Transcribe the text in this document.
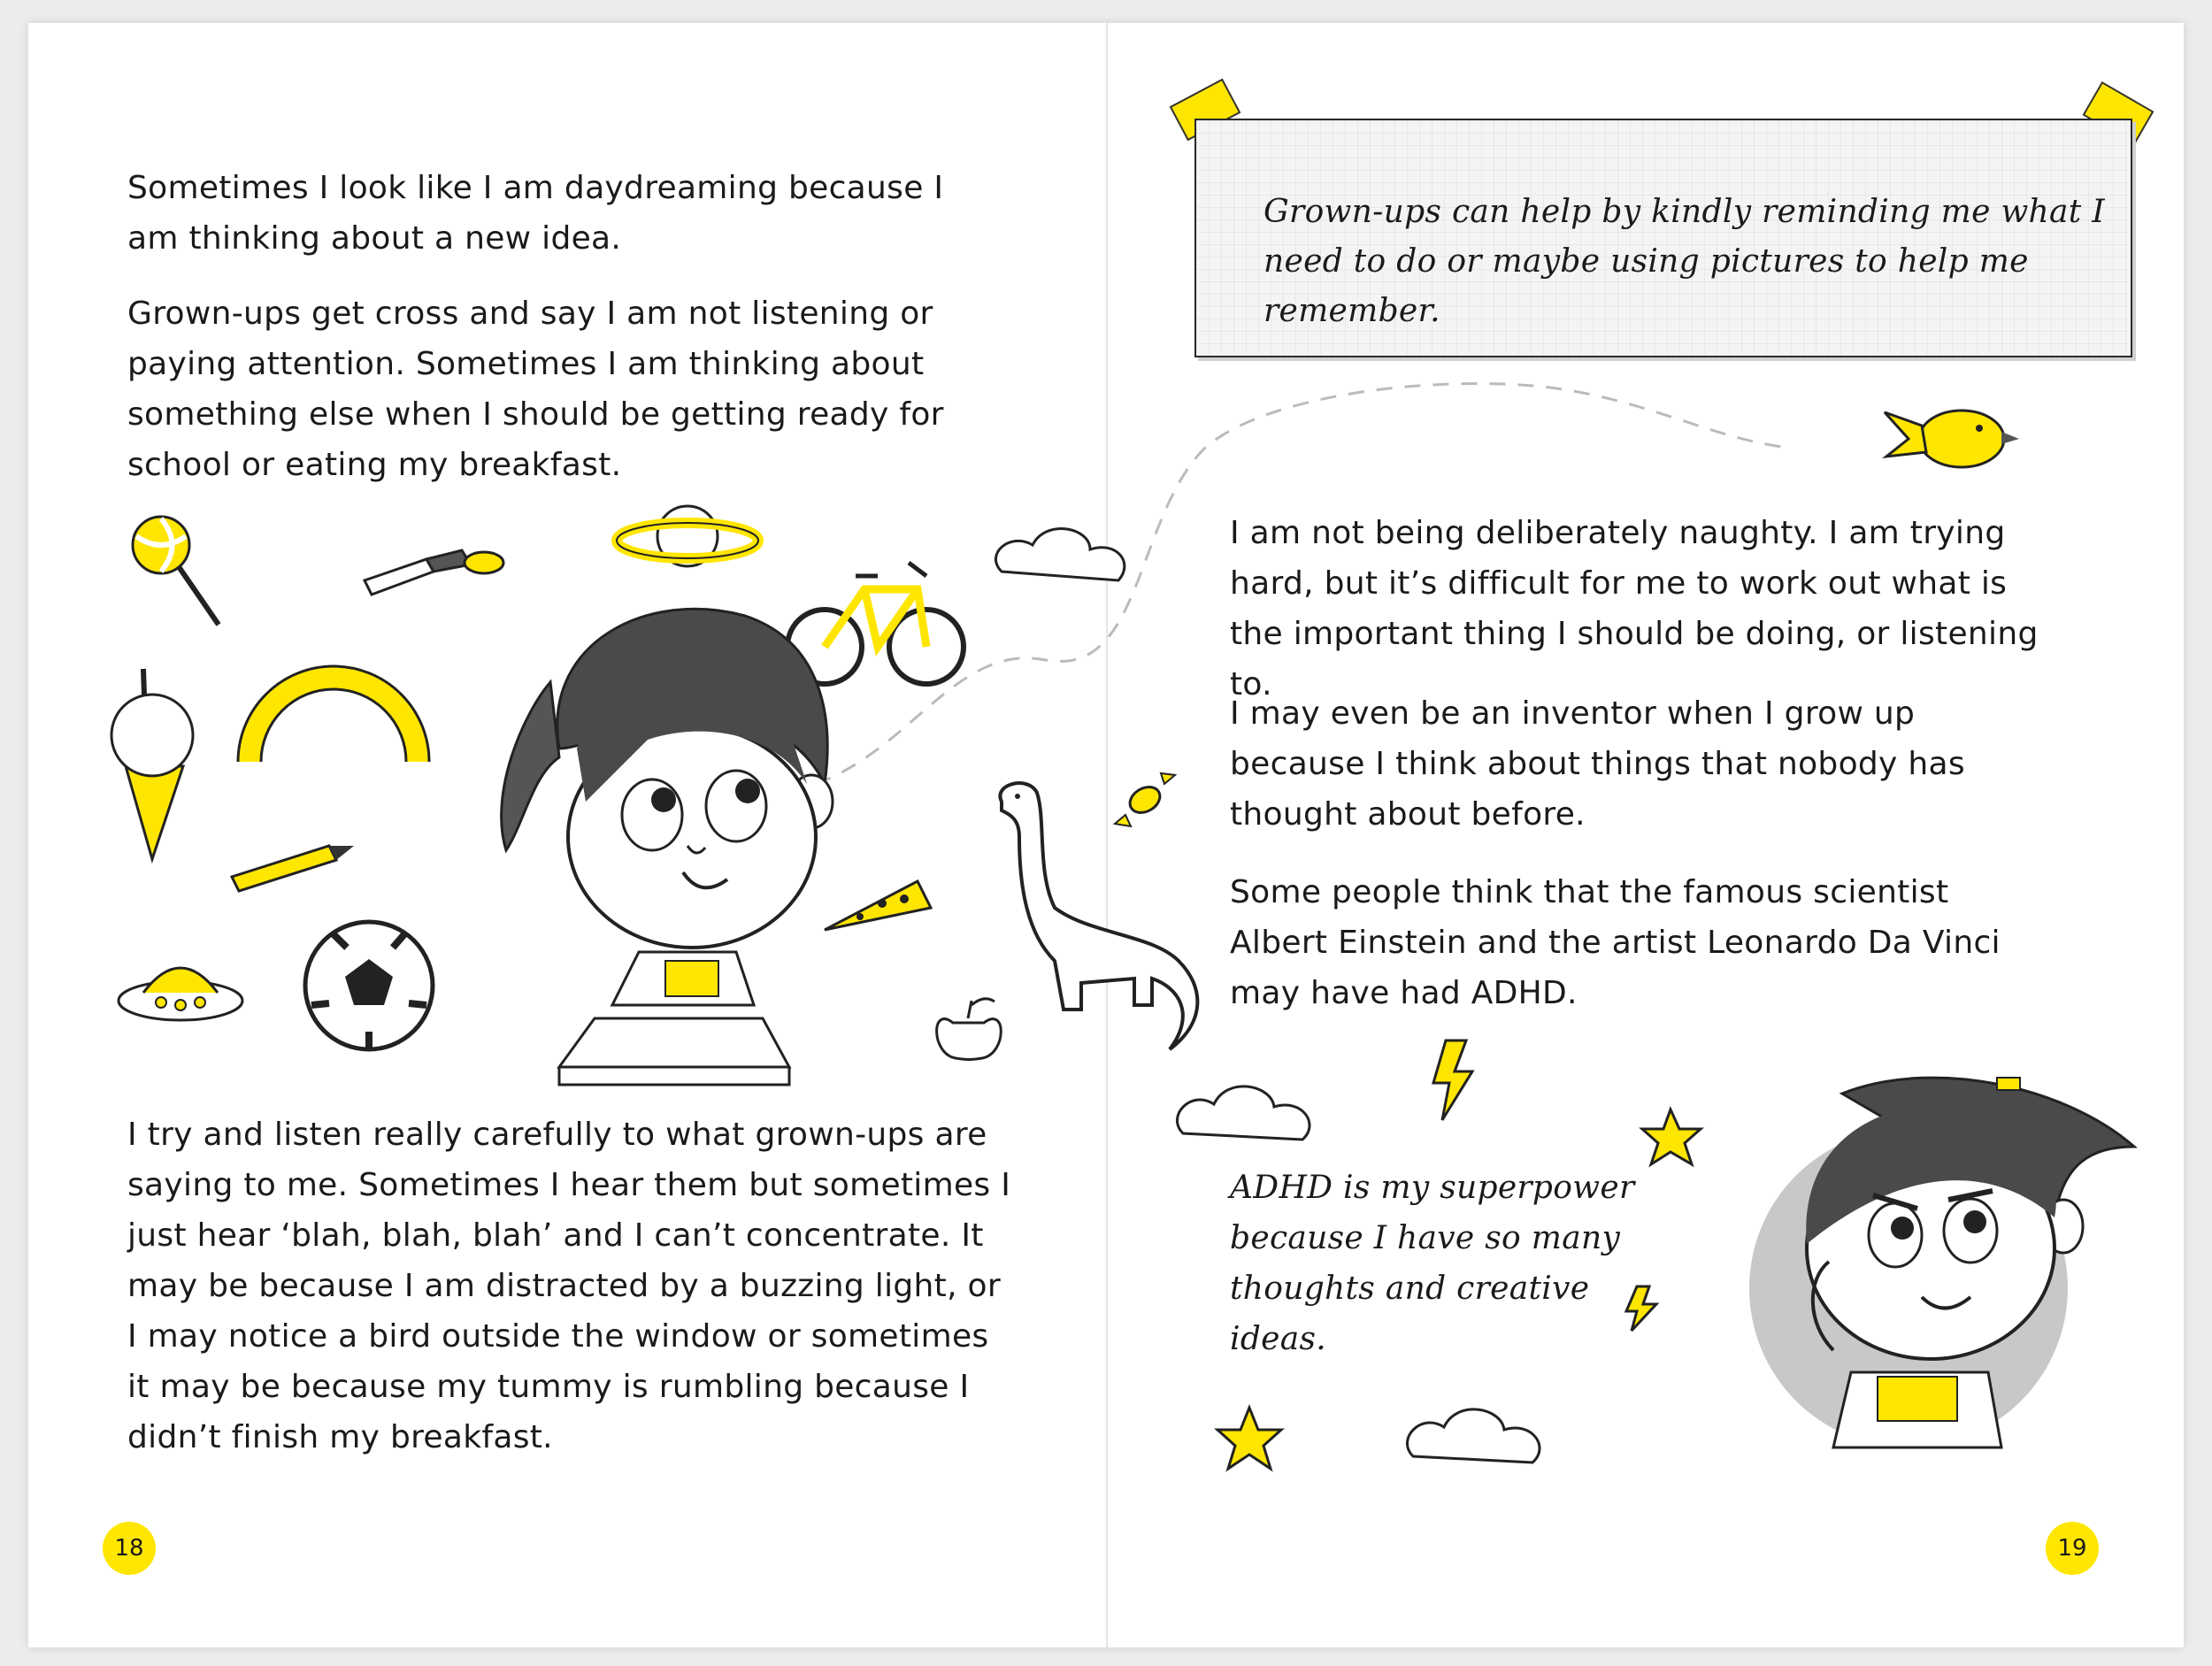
Sometimes I look like I am daydreaming because I am thinking about a new idea.

Grown-ups get cross and say I am not listening or paying attention. Sometimes I am thinking about something else when I should be getting ready for school or eating my breakfast.

I try and listen really carefully to what grown-ups are saying to me. Sometimes I hear them but sometimes I just hear ‘blah, blah, blah’ and I can’t concentrate. It may be because I am distracted by a buzzing light, or I may notice a bird outside the window or sometimes it may be because my tummy is rumbling because I didn’t finish my breakfast.

18

Grown-ups can help by kindly reminding me what I need to do or maybe using pictures to help me remember.

I am not being deliberately naughty. I am trying hard, but it’s difficult for me to work out what is the important thing I should be doing, or listening to.

I may even be an inventor when I grow up because I think about things that nobody has thought about before.

Some people think that the famous scientist Albert Einstein and the artist Leonardo Da Vinci may have had ADHD.

ADHD is my superpower because I have so many thoughts and creative ideas.

19
